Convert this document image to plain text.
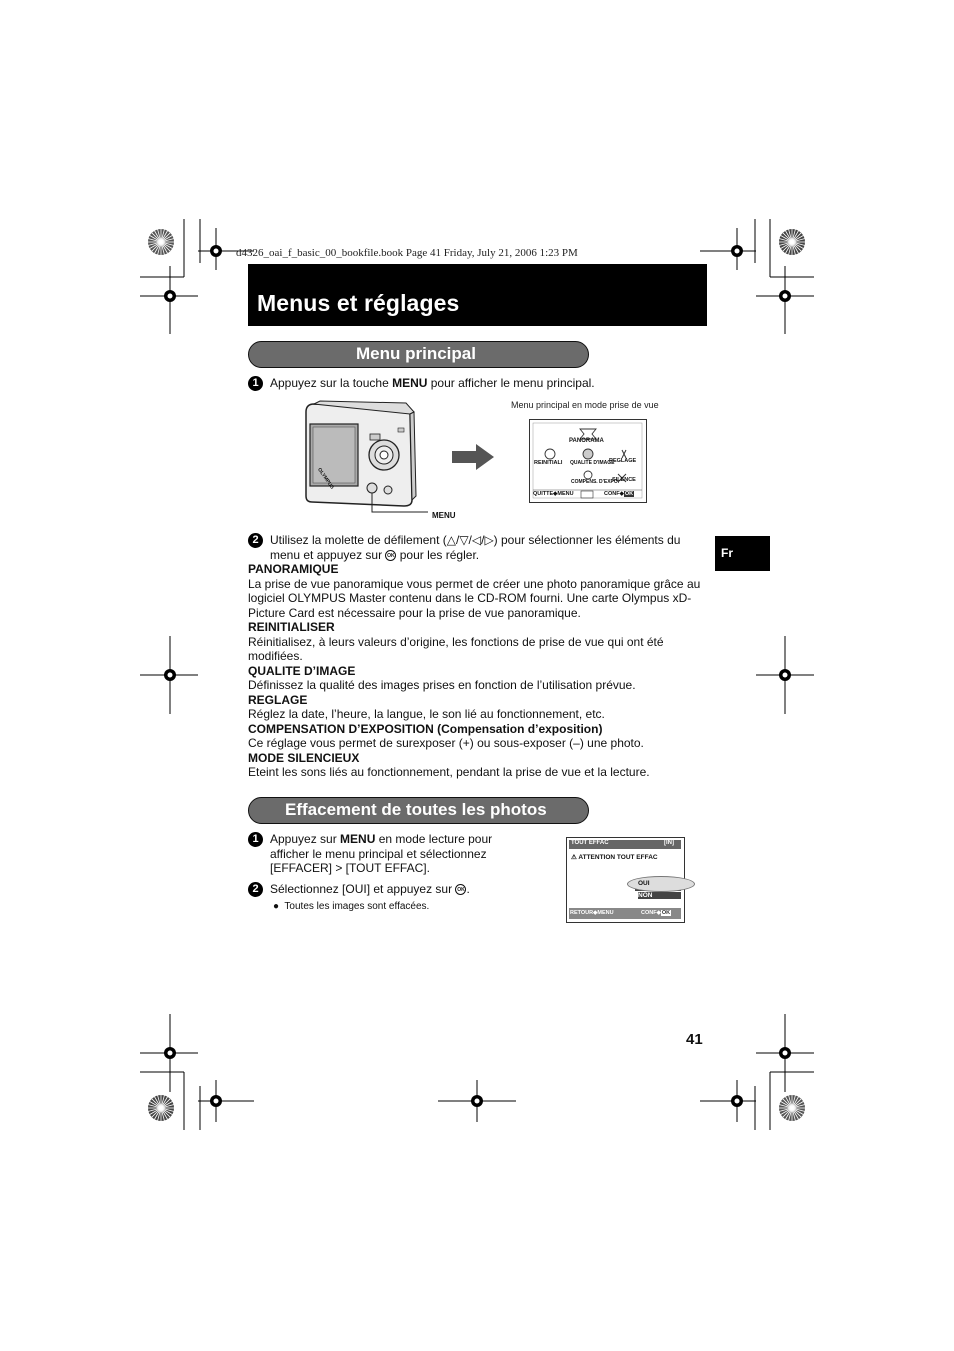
d4326_oai_f_basic_00_bookfile.book Page 41 Friday, July 21, 2006 1:23 PM
Menus et réglages
Menu principal
1 Appuyez sur la touche MENU pour afficher le menu principal.
Menu principal en mode prise de vue
OLYMPUS
MENU
PANORAMA
REINITIALI QUALITE D'IMAGE
REGLAGE
COMPENS. D'EXPO.
SILENCE
QUITTE◆MENU	CONF◆OK
2 Utilisez la molette de défilement (△/▽/◁/▷) pour sélectionner les éléments du
menu et appuyez sur OK pour les régler.
PANORAMIQUE
La prise de vue panoramique vous permet de créer une photo panoramique grâce au
logiciel OLYMPUS Master contenu dans le CD-ROM fourni. Une carte Olympus xD-
Picture Card est nécessaire pour la prise de vue panoramique.
REINITIALISER
Réinitialisez, à leurs valeurs d’origine, les fonctions de prise de vue qui ont été
modifiées.
QUALITE D’IMAGE
Définissez la qualité des images prises en fonction de l’utilisation prévue.
REGLAGE
Réglez la date, l’heure, la langue, le son lié au fonctionnement, etc.
COMPENSATION D’EXPOSITION (Compensation d’exposition)
Ce réglage vous permet de surexposer (+) ou sous-exposer (–) une photo.
MODE SILENCIEUX
Eteint les sons liés au fonctionnement, pendant la prise de vue et la lecture.
Effacement de toutes les photos
1 Appuyez sur MENU en mode lecture pour
afficher le menu principal et sélectionnez
[EFFACER] > [TOUT EFFAC].
2 Sélectionnez [OUI] et appuyez sur OK .
●  Toutes les images sont effacées.
TOUT EFFAC	[IN]
⚠ ATTENTION TOUT EFFAC
OUI
NON
RETOUR◆MENU	CONF◆OK
Fr
41
